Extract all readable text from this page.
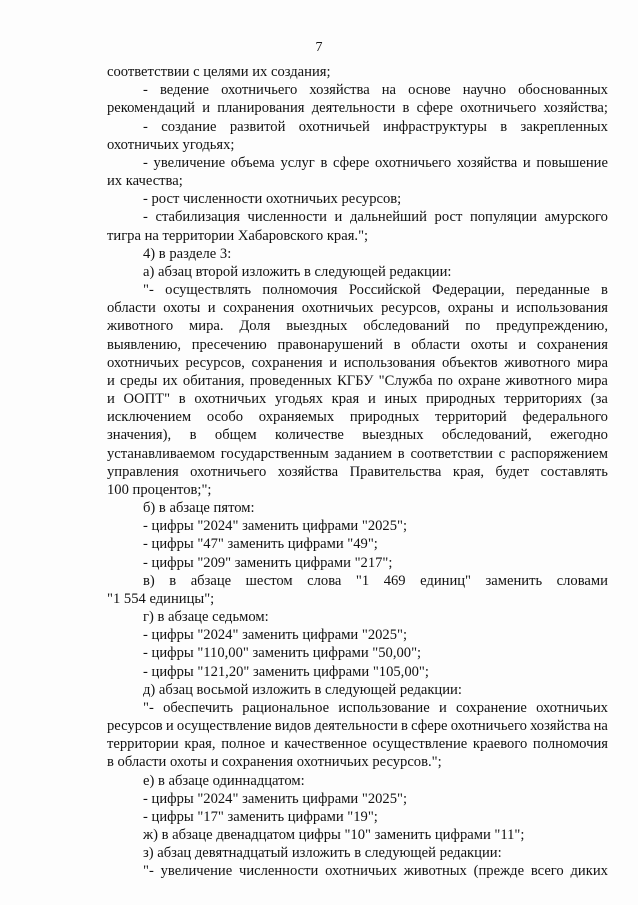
7
соответствии с целями их создания;
- ведение охотничьего хозяйства на основе научно обоснованных
рекомендаций и планирования деятельности в сфере охотничьего хозяйства;
- создание развитой охотничьей инфраструктуры в закрепленных
охотничьих угодьях;
- увеличение объема услуг в сфере охотничьего хозяйства и повышение
их качества;
- рост численности охотничьих ресурсов;
- стабилизация численности и дальнейший рост популяции амурского
тигра на территории Хабаровского края.";
4) в разделе 3:
а) абзац второй изложить в следующей редакции:
"- осуществлять полномочия Российской Федерации, переданные в
области охоты и сохранения охотничьих ресурсов, охраны и использования
животного мира. Доля выездных обследований по предупреждению,
выявлению, пресечению правонарушений в области охоты и сохранения
охотничьих ресурсов, сохранения и использования объектов животного мира
и среды их обитания, проведенных КГБУ "Служба по охране животного мира
и ООПТ" в охотничьих угодьях края и иных природных территориях (за
исключением особо охраняемых природных территорий федерального
значения), в общем количестве выездных обследований, ежегодно
устанавливаемом государственным заданием в соответствии с распоряжением
управления охотничьего хозяйства Правительства края, будет составлять
100 процентов;";
б) в абзаце пятом:
- цифры "2024" заменить цифрами "2025";
- цифры "47" заменить цифрами "49";
- цифры "209" заменить цифрами "217";
в) в абзаце шестом слова "1 469 единиц" заменить словами
"1 554 единицы";
г) в абзаце седьмом:
- цифры "2024" заменить цифрами "2025";
- цифры "110,00" заменить цифрами "50,00";
- цифры "121,20" заменить цифрами "105,00";
д) абзац восьмой изложить в следующей редакции:
"- обеспечить рациональное использование и сохранение охотничьих
ресурсов и осуществление видов деятельности в сфере охотничьего хозяйства на
территории края, полное и качественное осуществление краевого полномочия
в области охоты и сохранения охотничьих ресурсов.";
е) в абзаце одиннадцатом:
- цифры "2024" заменить цифрами "2025";
- цифры "17" заменить цифрами "19";
ж) в абзаце двенадцатом цифры "10" заменить цифрами "11";
з) абзац девятнадцатый изложить в следующей редакции:
"- увеличение численности охотничьих животных (прежде всего диких
